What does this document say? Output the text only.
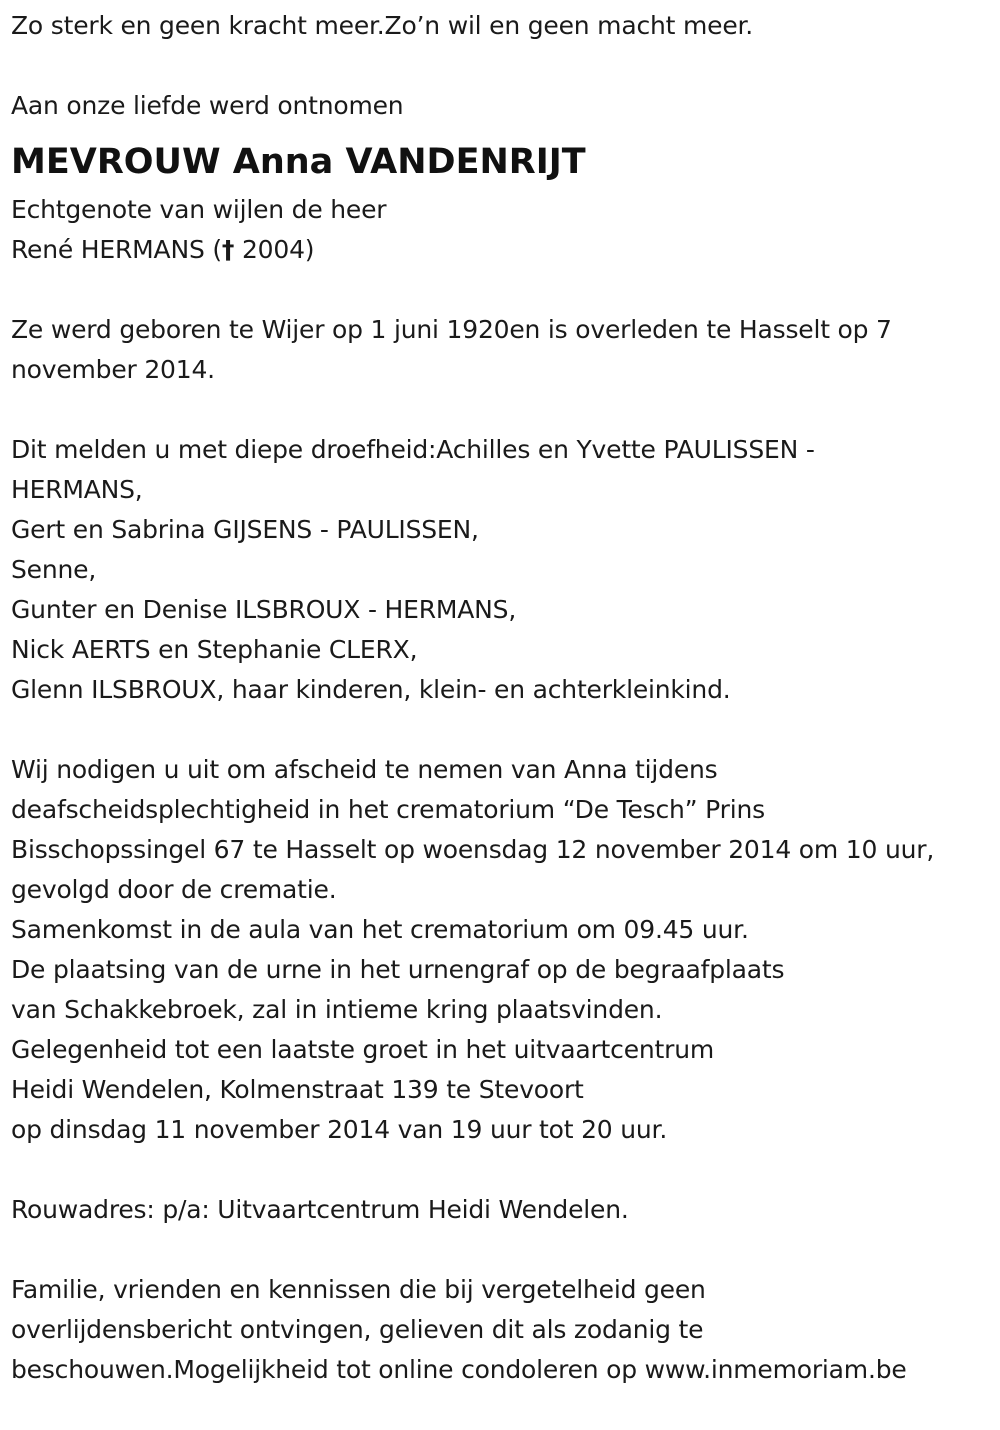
Zo sterk en geen kracht meer.Zo’n wil en geen macht meer.
Aan onze liefde werd ontnomen
MEVROUW Anna VANDENRIJT
Echtgenote van wijlen de heer
René HERMANS († 2004)
Ze werd geboren te Wijer op 1 juni 1920en is overleden te Hasselt op 7
november 2014.
Dit melden u met diepe droefheid:Achilles en Yvette PAULISSEN -
HERMANS,
Gert en Sabrina GIJSENS - PAULISSEN,
Senne,
Gunter en Denise ILSBROUX - HERMANS,
Nick AERTS en Stephanie CLERX,
Glenn ILSBROUX, haar kinderen, klein- en achterkleinkind.
Wij nodigen u uit om afscheid te nemen van Anna tijdens
deafscheidsplechtigheid in het crematorium “De Tesch” Prins
Bisschopssingel 67 te Hasselt op woensdag 12 november 2014 om 10 uur,
gevolgd door de crematie.
Samenkomst in de aula van het crematorium om 09.45 uur.
De plaatsing van de urne in het urnengraf op de begraafplaats
van Schakkebroek, zal in intieme kring plaatsvinden.
Gelegenheid tot een laatste groet in het uitvaartcentrum
Heidi Wendelen, Kolmenstraat 139 te Stevoort
op dinsdag 11 november 2014 van 19 uur tot 20 uur.
Rouwadres: p/a: Uitvaartcentrum Heidi Wendelen.
Familie, vrienden en kennissen die bij vergetelheid geen
overlijdensbericht ontvingen, gelieven dit als zodanig te
beschouwen.Mogelijkheid tot online condoleren op www.inmemoriam.be
